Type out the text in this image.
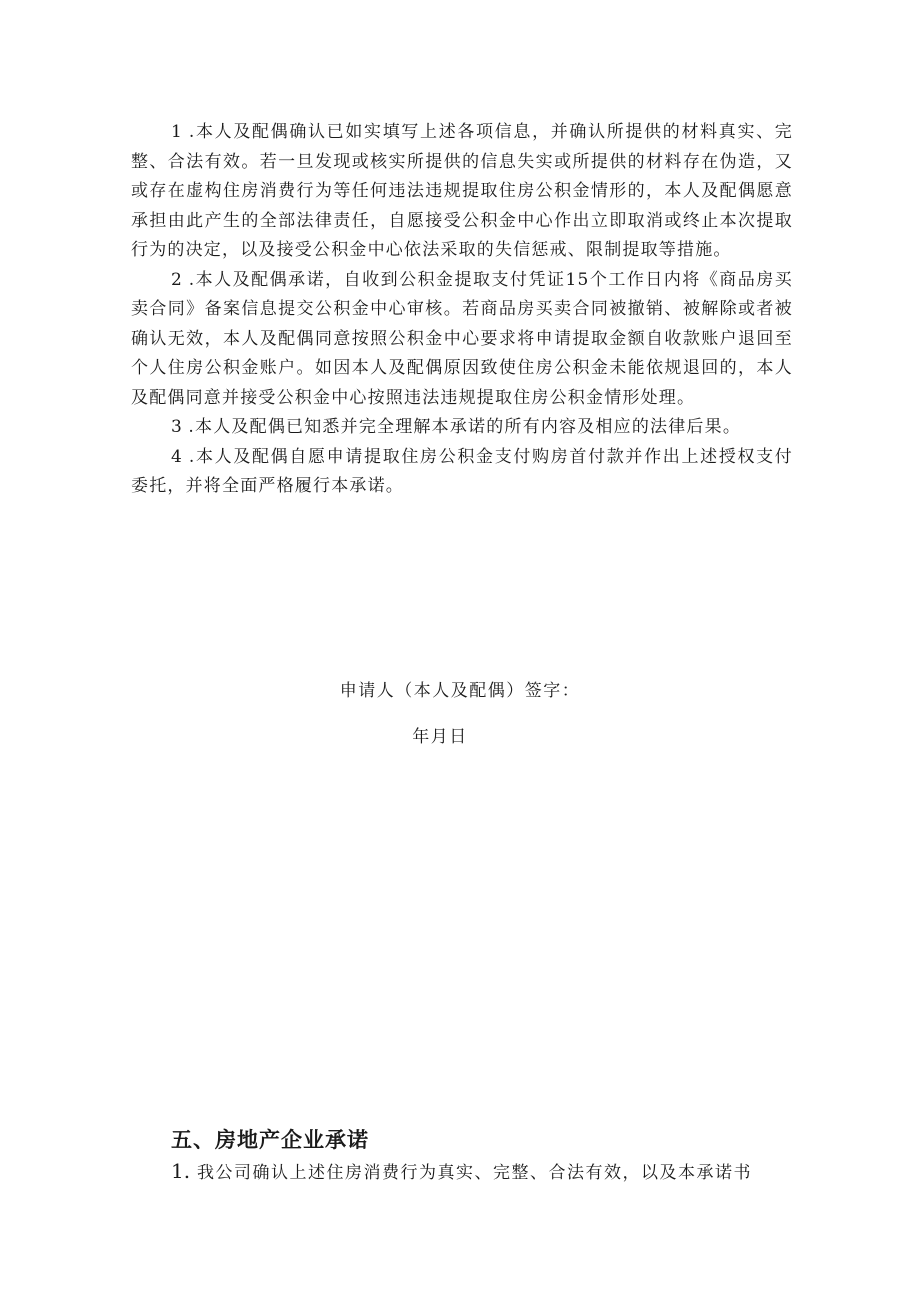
1 .本人及配偶确认已如实填写上述各项信息，并确认所提供的材料真实、完整、合法有效。若一旦发现或核实所提供的信息失实或所提供的材料存在伪造，又或存在虚构住房消费行为等任何违法违规提取住房公积金情形的，本人及配偶愿意承担由此产生的全部法律责任，自愿接受公积金中心作出立即取消或终止本次提取行为的决定，以及接受公积金中心依法采取的失信惩戒、限制提取等措施。

2 .本人及配偶承诺，自收到公积金提取支付凭证15个工作日内将《商品房买卖合同》备案信息提交公积金中心审核。若商品房买卖合同被撤销、被解除或者被确认无效，本人及配偶同意按照公积金中心要求将申请提取金额自收款账户退回至个人住房公积金账户。如因本人及配偶原因致使住房公积金未能依规退回的，本人及配偶同意并接受公积金中心按照违法违规提取住房公积金情形处理。

3 .本人及配偶已知悉并完全理解本承诺的所有内容及相应的法律后果。

4 .本人及配偶自愿申请提取住房公积金支付购房首付款并作出上述授权支付委托，并将全面严格履行本承诺。

申请人（本人及配偶）签字：
年月日
五、房地产企业承诺

1. 我公司确认上述住房消费行为真实、完整、合法有效，以及本承诺书
